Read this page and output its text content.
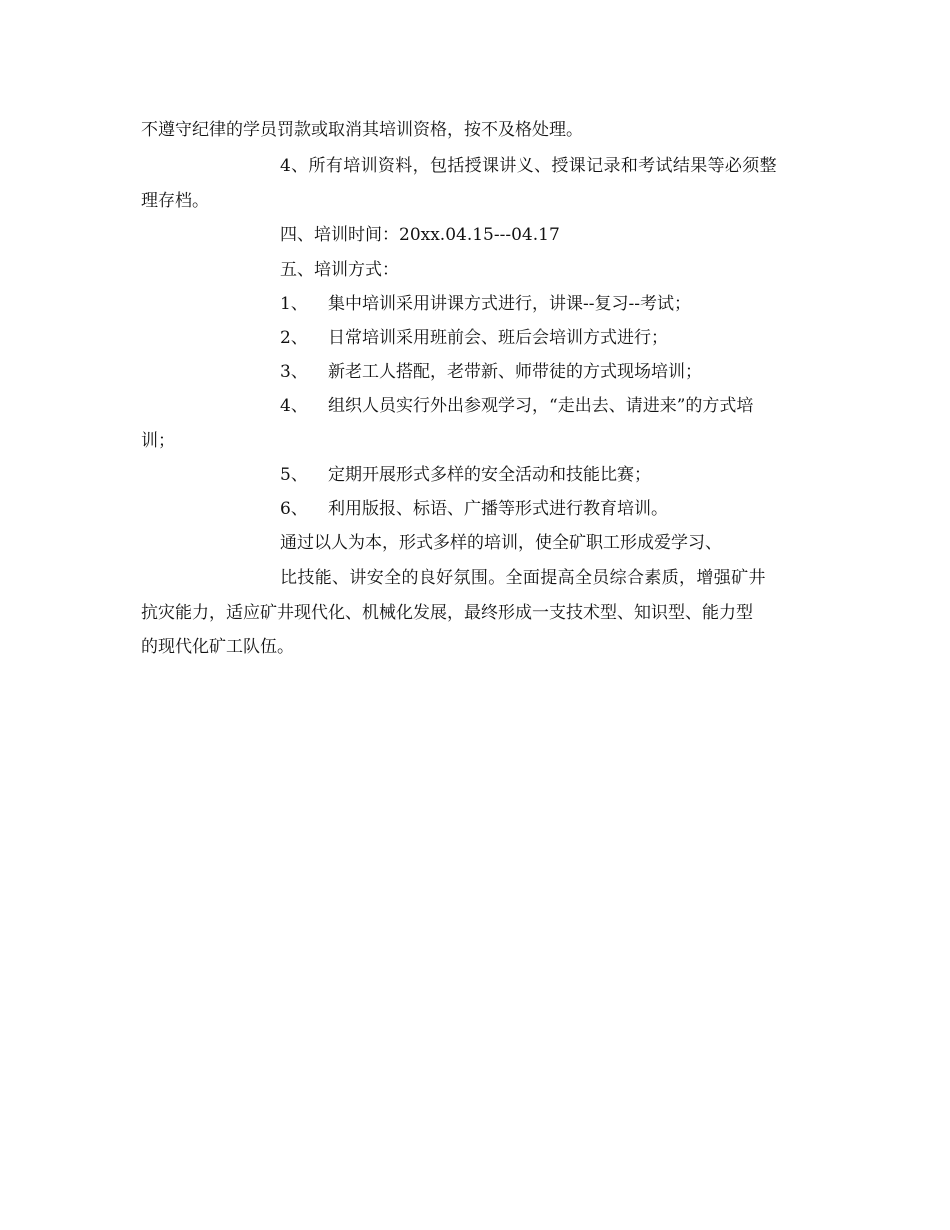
不遵守纪律的学员罚款或取消其培训资格，按不及格处理。
4、所有培训资料，包括授课讲义、授课记录和考试结果等必须整
理存档。
四、培训时间：20xx.04.15---04.17
五、培训方式：
1、 集中培训采用讲课方式进行，讲课--复习--考试；
2、 日常培训采用班前会、班后会培训方式进行；
3、 新老工人搭配，老带新、师带徒的方式现场培训；
4、 组织人员实行外出参观学习，“走出去、请进来”的方式培
训；
5、 定期开展形式多样的安全活动和技能比赛；
6、 利用版报、标语、广播等形式进行教育培训。
通过以人为本，形式多样的培训，使全矿职工形成爱学习、
比技能、讲安全的良好氛围。全面提高全员综合素质，增强矿井
抗灾能力，适应矿井现代化、机械化发展，最终形成一支技术型、知识型、能力型
的现代化矿工队伍。
